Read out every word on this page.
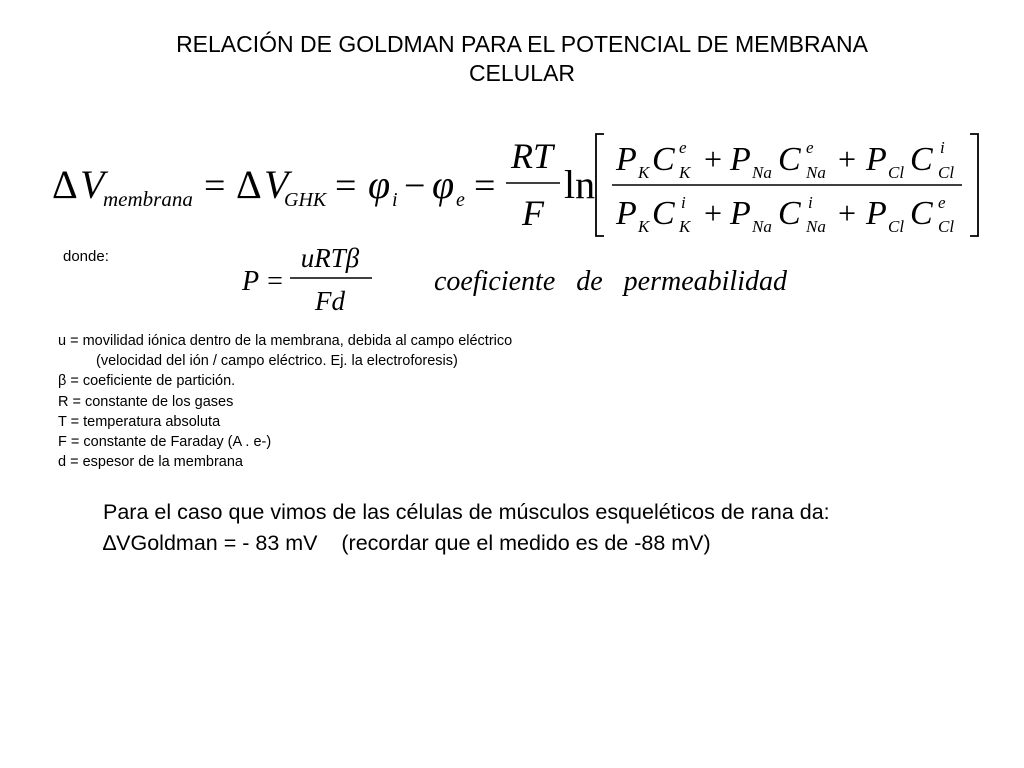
RELACIÓN DE GOLDMAN PARA EL POTENCIAL DE MEMBRANA
CELULAR
Δ V
membrana = Δ V
GHK = φ i − φ e =
RT
F
ln
P K C e
K + P Na C e
Na + P Cl C i
Cl
P K C i
K + P Na C i
Na + P Cl C e
Cl
donde:
P =
uRTβ
Fd
coeficiente   de   permeabilidad
u = movilidad iónica dentro de la membrana, debida al campo eléctrico
(velocidad del ión / campo eléctrico. Ej. la electroforesis)
β = coeficiente de partición.
R = constante de los gases
T = temperatura absoluta
F = constante de Faraday (A . e-)
d = espesor de la membrana
Para el caso que vimos de las células de músculos esqueléticos de rana da:
∆VGoldman = - 83 mV    (recordar que el medido es de -88 mV)
